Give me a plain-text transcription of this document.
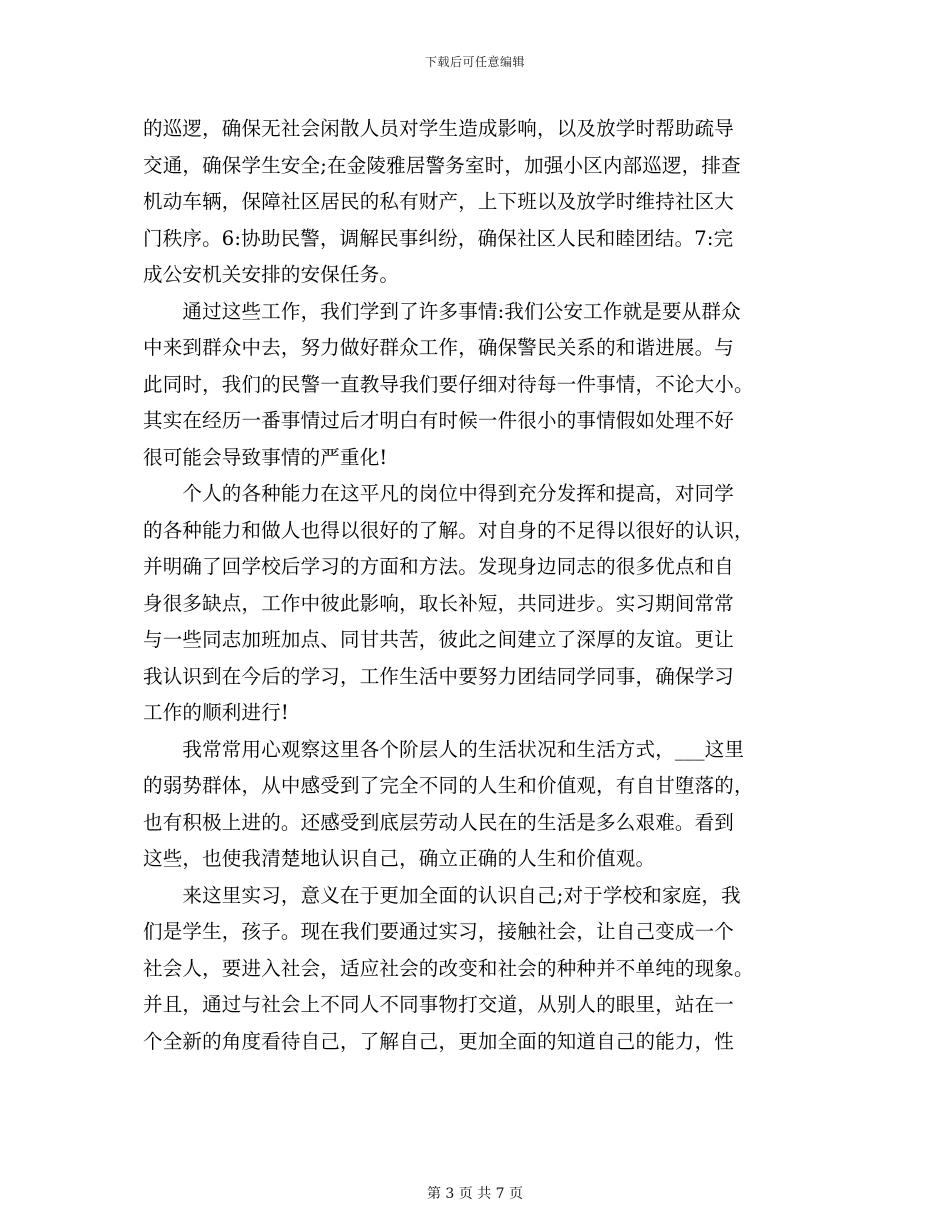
下载后可任意编辑
的巡逻，确保无社会闲散人员对学生造成影响，以及放学时帮助疏导
交通，确保学生安全;在金陵雅居警务室时，加强小区内部巡逻，排查
机动车辆，保障社区居民的私有财产，上下班以及放学时维持社区大
门秩序。6:协助民警，调解民事纠纷，确保社区人民和睦团结。7:完
成公安机关安排的安保任务。
　　通过这些工作，我们学到了许多事情:我们公安工作就是要从群众
中来到群众中去，努力做好群众工作，确保警民关系的和谐进展。与
此同时，我们的民警一直教导我们要仔细对待每一件事情，不论大小。
其实在经历一番事情过后才明白有时候一件很小的事情假如处理不好
很可能会导致事情的严重化!
　　个人的各种能力在这平凡的岗位中得到充分发挥和提高，对同学
的各种能力和做人也得以很好的了解。对自身的不足得以很好的认识，
并明确了回学校后学习的方面和方法。发现身边同志的很多优点和自
身很多缺点，工作中彼此影响，取长补短，共同进步。实习期间常常
与一些同志加班加点、同甘共苦，彼此之间建立了深厚的友谊。更让
我认识到在今后的学习，工作生活中要努力团结同学同事，确保学习
工作的顺利进行!
　　我常常用心观察这里各个阶层人的生活状况和生活方式，___这里
的弱势群体，从中感受到了完全不同的人生和价值观，有自甘堕落的，
也有积极上进的。还感受到底层劳动人民在的生活是多么艰难。看到
这些，也使我清楚地认识自己，确立正确的人生和价值观。
　　来这里实习，意义在于更加全面的认识自己;对于学校和家庭，我
们是学生，孩子。现在我们要通过实习，接触社会，让自己变成一个
社会人，要进入社会，适应社会的改变和社会的种种并不单纯的现象。
并且，通过与社会上不同人不同事物打交道，从别人的眼里，站在一
个全新的角度看待自己，了解自己，更加全面的知道自己的能力，性
第 3 页 共 7 页
